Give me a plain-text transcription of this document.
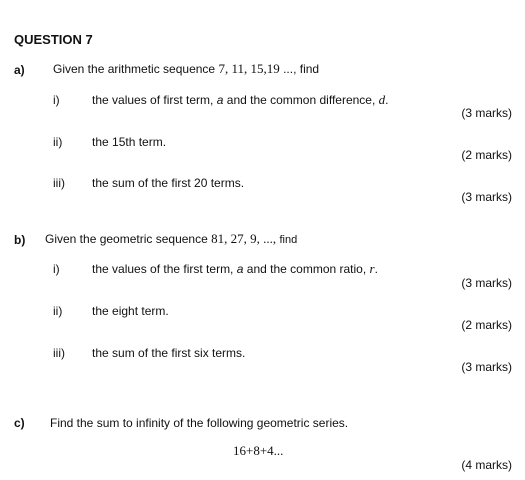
QUESTION 7
a) Given the arithmetic sequence 7, 11, 15,19 ..., find
i)	the values of first term, a and the common difference, d.
(3 marks)
ii) the 15th term.
(2 marks)
iii) the sum of the first 20 terms.
(3 marks)
b) Given the geometric sequence 81, 27, 9, ..., find
i)	the values of the first term, a and the common ratio, r.
(3 marks)
ii) the eight term.
(2 marks)
iii) the sum of the first six terms.
(3 marks)
c) Find the sum to infinity of the following geometric series.
16+8+4...
(4 marks)
